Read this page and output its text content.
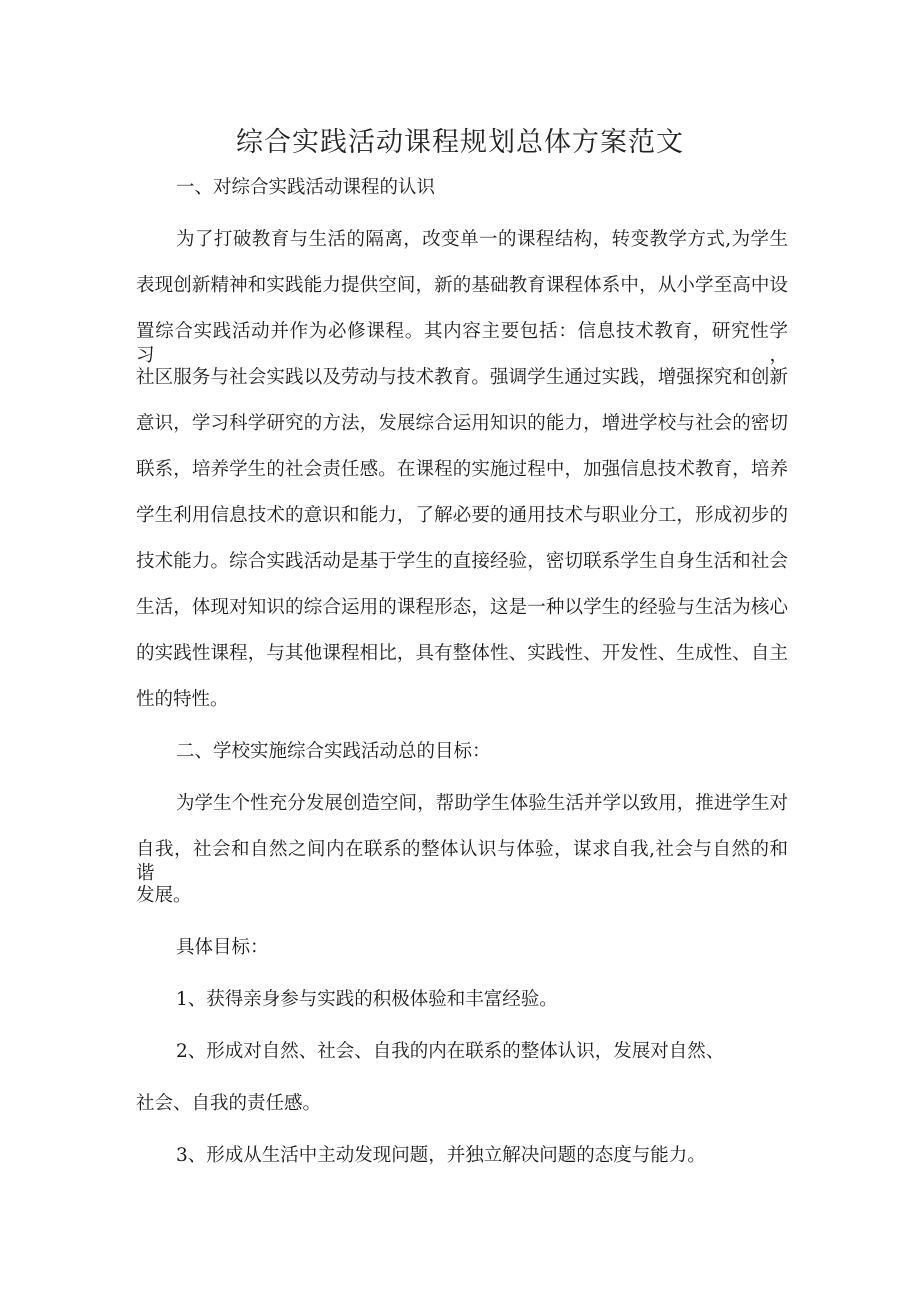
综合实践活动课程规划总体方案范文

一、对综合实践活动课程的认识

为了打破教育与生活的隔离，改变单一的课程结构，转变教学方式,为学生

表现创新精神和实践能力提供空间，新的基础教育课程体系中，从小学至高中设

置综合实践活动并作为必修课程。其内容主要包括：信息技术教育，研究性学习，

社区服务与社会实践以及劳动与技术教育。强调学生通过实践，增强探究和创新

意识，学习科学研究的方法，发展综合运用知识的能力，增进学校与社会的密切

联系，培养学生的社会责任感。在课程的实施过程中，加强信息技术教育，培养

学生利用信息技术的意识和能力，了解必要的通用技术与职业分工，形成初步的

技术能力。综合实践活动是基于学生的直接经验，密切联系学生自身生活和社会

生活，体现对知识的综合运用的课程形态，这是一种以学生的经验与生活为核心

的实践性课程，与其他课程相比，具有整体性、实践性、开发性、生成性、自主

性的特性。

二、学校实施综合实践活动总的目标：

为学生个性充分发展创造空间，帮助学生体验生活并学以致用，推进学生对

自我，社会和自然之间内在联系的整体认识与体验，谋求自我,社会与自然的和谐

发展。

具体目标：

1、获得亲身参与实践的积极体验和丰富经验。

2、形成对自然、社会、自我的内在联系的整体认识，发展对自然、

社会、自我的责任感。

3、形成从生活中主动发现问题，并独立解决问题的态度与能力。
